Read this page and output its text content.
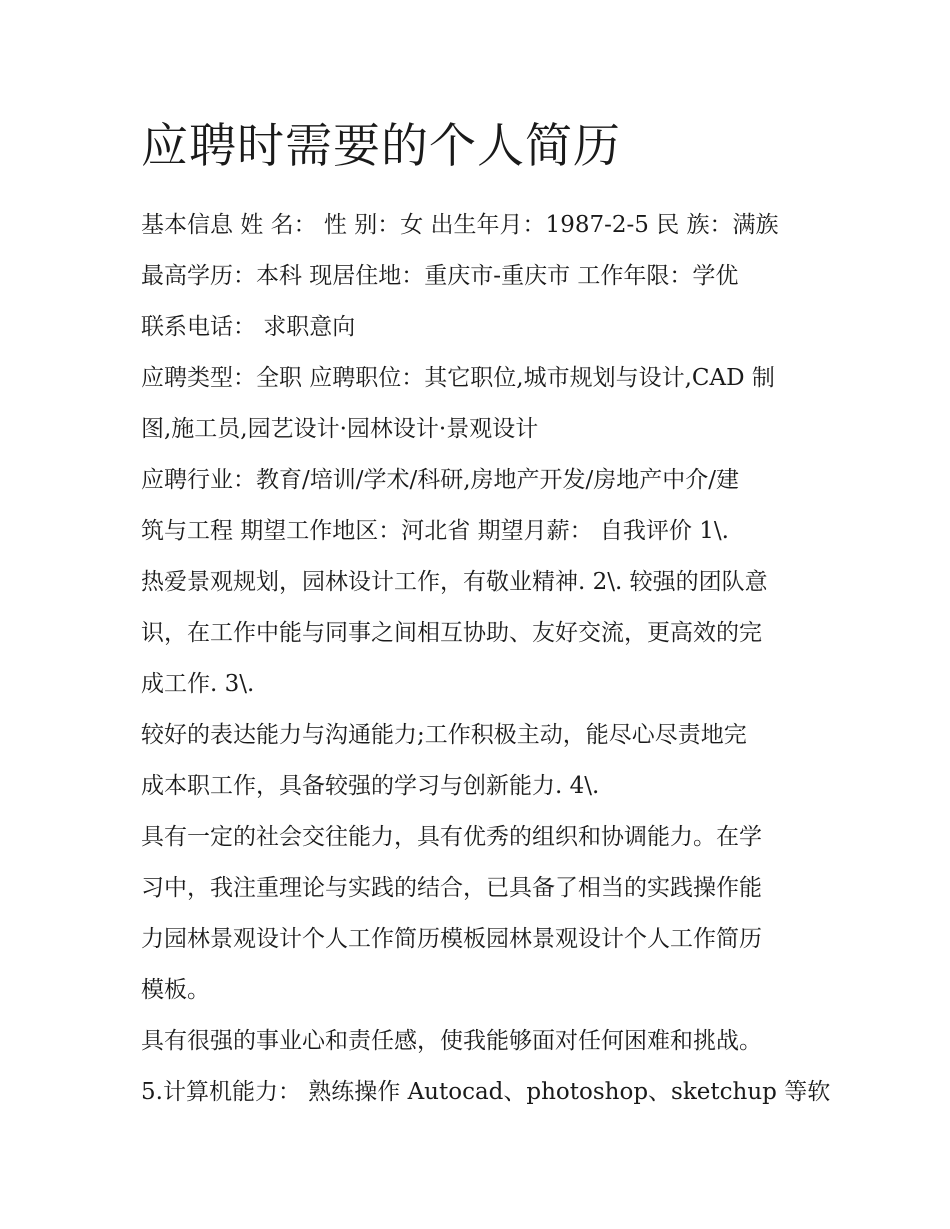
应聘时需要的个人简历
基本信息 姓 名： 性 别：女 出生年月：1987-2-5 民 族：满族
最高学历：本科 现居住地：重庆市-重庆市 工作年限：学优
联系电话： 求职意向
应聘类型：全职 应聘职位：其它职位,城市规划与设计,CAD 制
图,施工员,园艺设计·园林设计·景观设计
应聘行业：教育/培训/学术/科研,房地产开发/房地产中介/建
筑与工程 期望工作地区：河北省 期望月薪： 自我评价 1\.
热爱景观规划，园林设计工作，有敬业精神. 2\. 较强的团队意
识，在工作中能与同事之间相互协助、友好交流，更高效的完
成工作. 3\.
较好的表达能力与沟通能力;工作积极主动，能尽心尽责地完
成本职工作，具备较强的学习与创新能力. 4\.
具有一定的社会交往能力，具有优秀的组织和协调能力。在学
习中，我注重理论与实践的结合，已具备了相当的实践操作能
力园林景观设计个人工作简历模板园林景观设计个人工作简历
模板。
具有很强的事业心和责任感，使我能够面对任何困难和挑战。
5.计算机能力： 熟练操作 Autocad、photoshop、sketchup 等软
